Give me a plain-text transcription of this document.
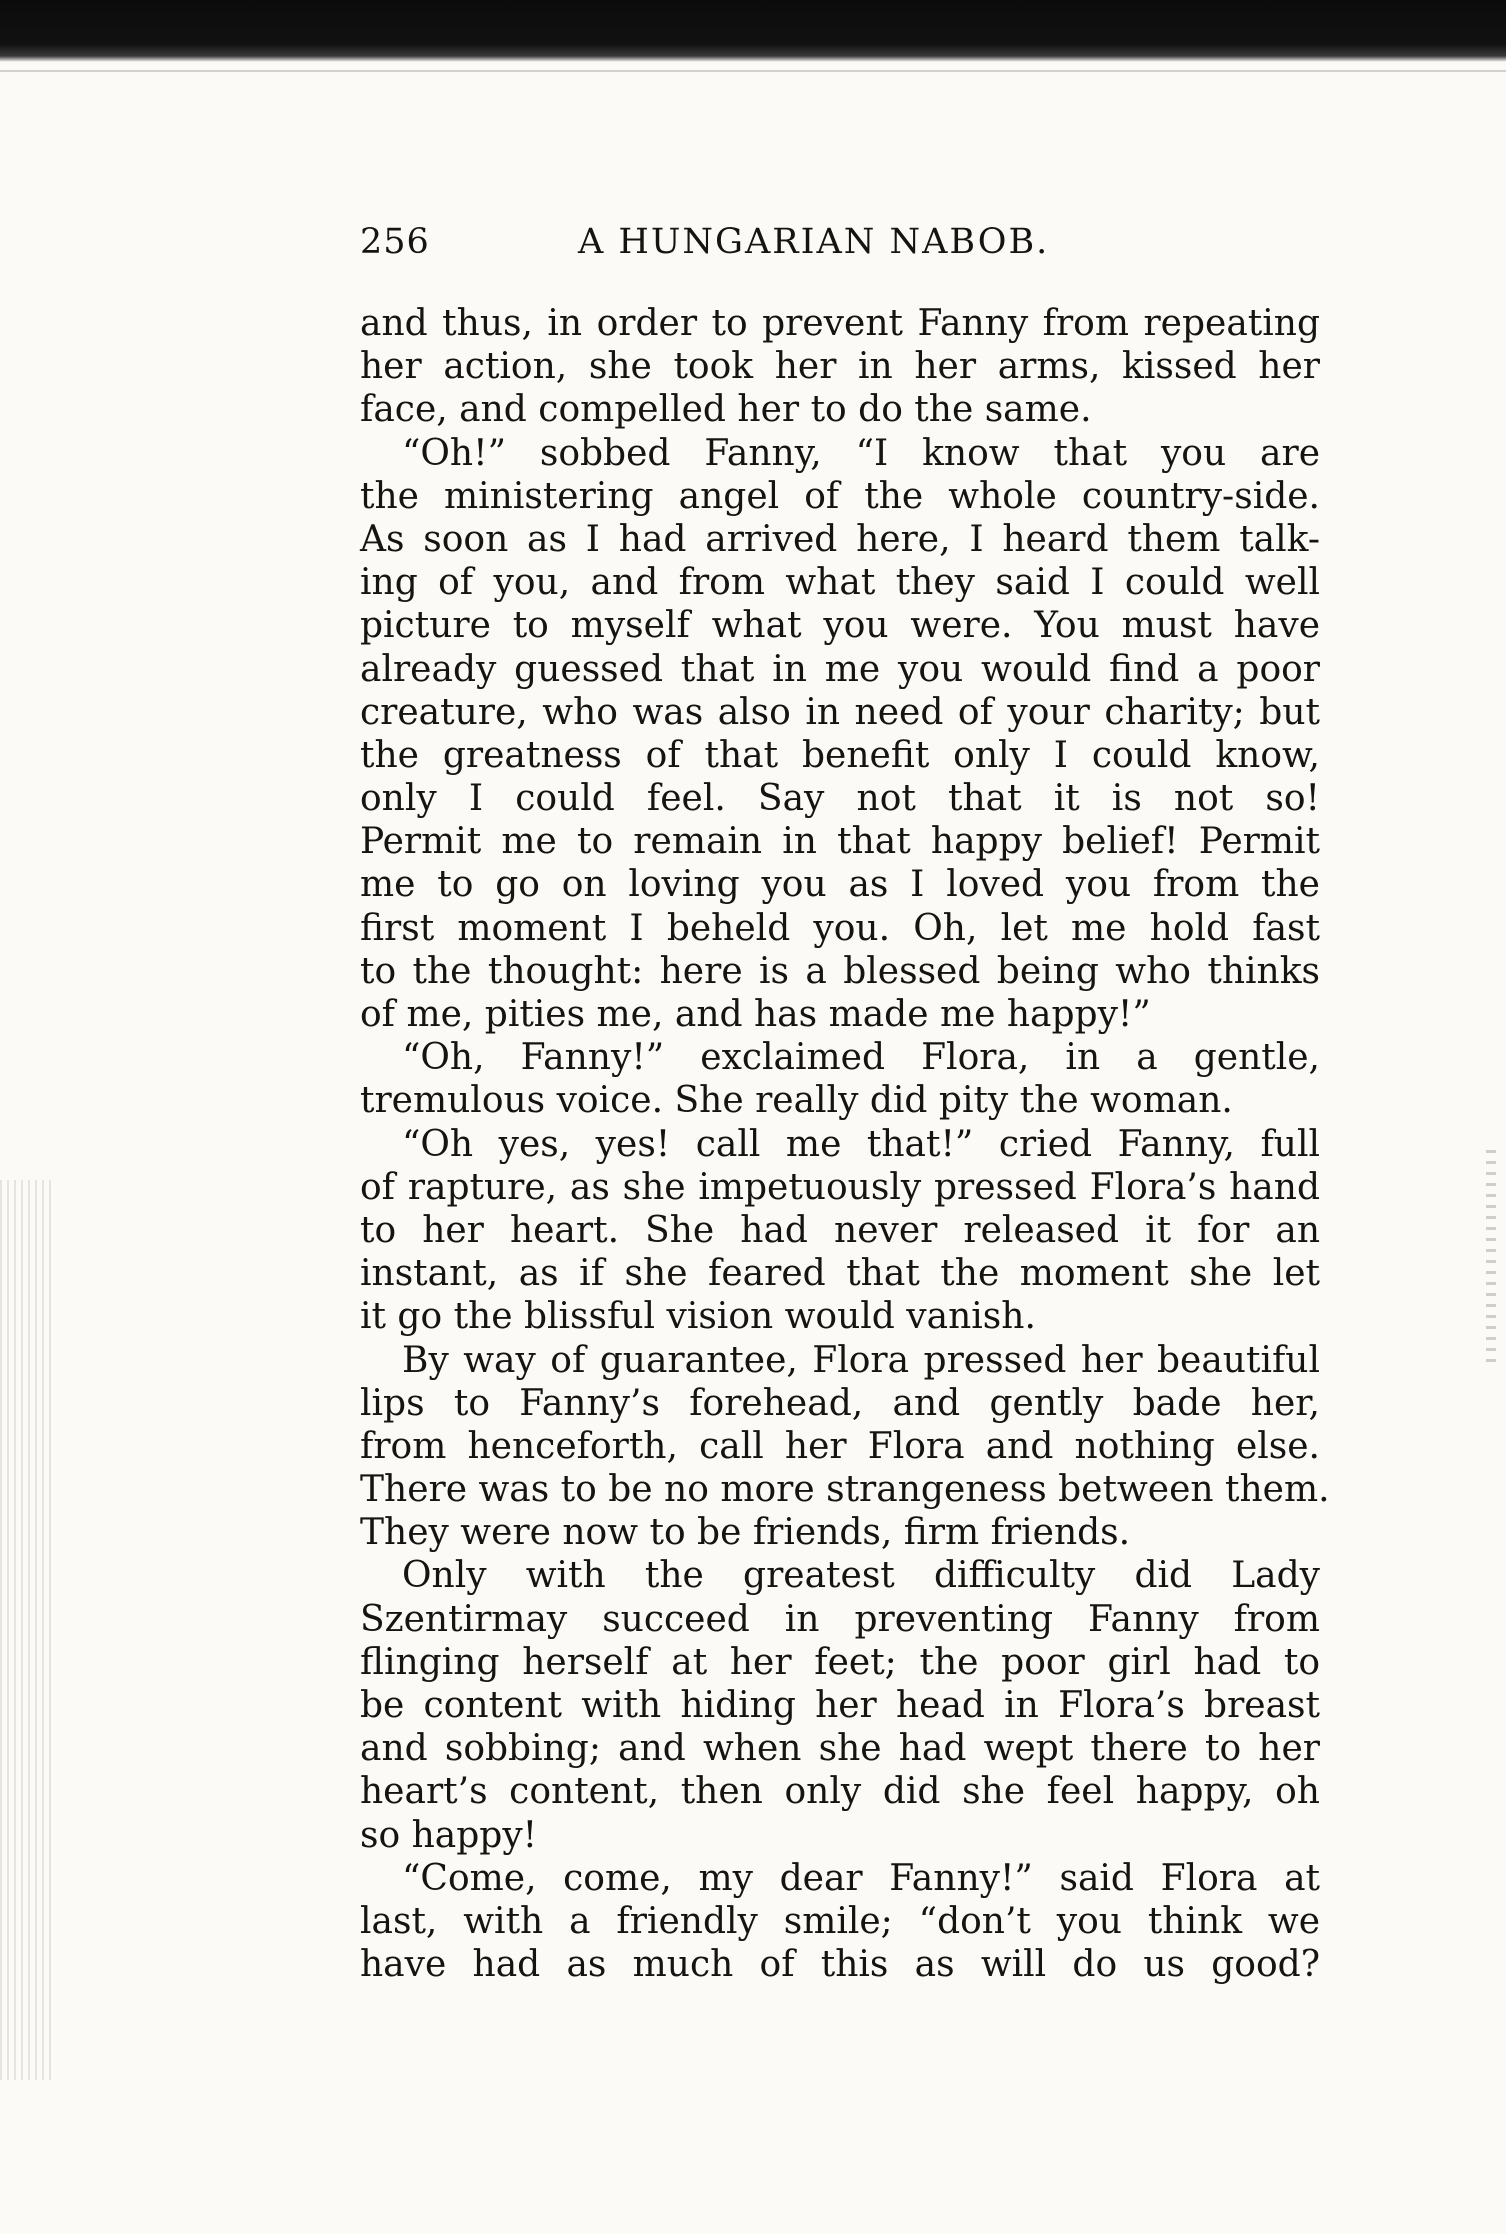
256	A HUNGARIAN NABOB.
and thus, in order to prevent Fanny from repeating
her action, she took her in her arms, kissed her
face, and compelled her to do the same.
“Oh!” sobbed Fanny, “I know that you are
the ministering angel of the whole country-side.
As soon as I had arrived here, I heard them talk-
ing of you, and from what they said I could well
picture to myself what you were. You must have
already guessed that in me you would find a poor
creature, who was also in need of your charity; but
the greatness of that benefit only I could know,
only I could feel. Say not that it is not so!
Permit me to remain in that happy belief! Permit
me to go on loving you as I loved you from the
first moment I beheld you. Oh, let me hold fast
to the thought: here is a blessed being who thinks
of me, pities me, and has made me happy!”
“Oh, Fanny!” exclaimed Flora, in a gentle,
tremulous voice. She really did pity the woman.
“Oh yes, yes! call me that!” cried Fanny, full
of rapture, as she impetuously pressed Flora’s hand
to her heart. She had never released it for an
instant, as if she feared that the moment she let
it go the blissful vision would vanish.
By way of guarantee, Flora pressed her beautiful
lips to Fanny’s forehead, and gently bade her,
from henceforth, call her Flora and nothing else.
There was to be no more strangeness between them.
They were now to be friends, firm friends.
Only with the greatest difficulty did Lady
Szentirmay succeed in preventing Fanny from
flinging herself at her feet; the poor girl had to
be content with hiding her head in Flora’s breast
and sobbing; and when she had wept there to her
heart’s content, then only did she feel happy, oh
so happy!
“Come, come, my dear Fanny!” said Flora at
last, with a friendly smile; “don’t you think we
have had as much of this as will do us good?
